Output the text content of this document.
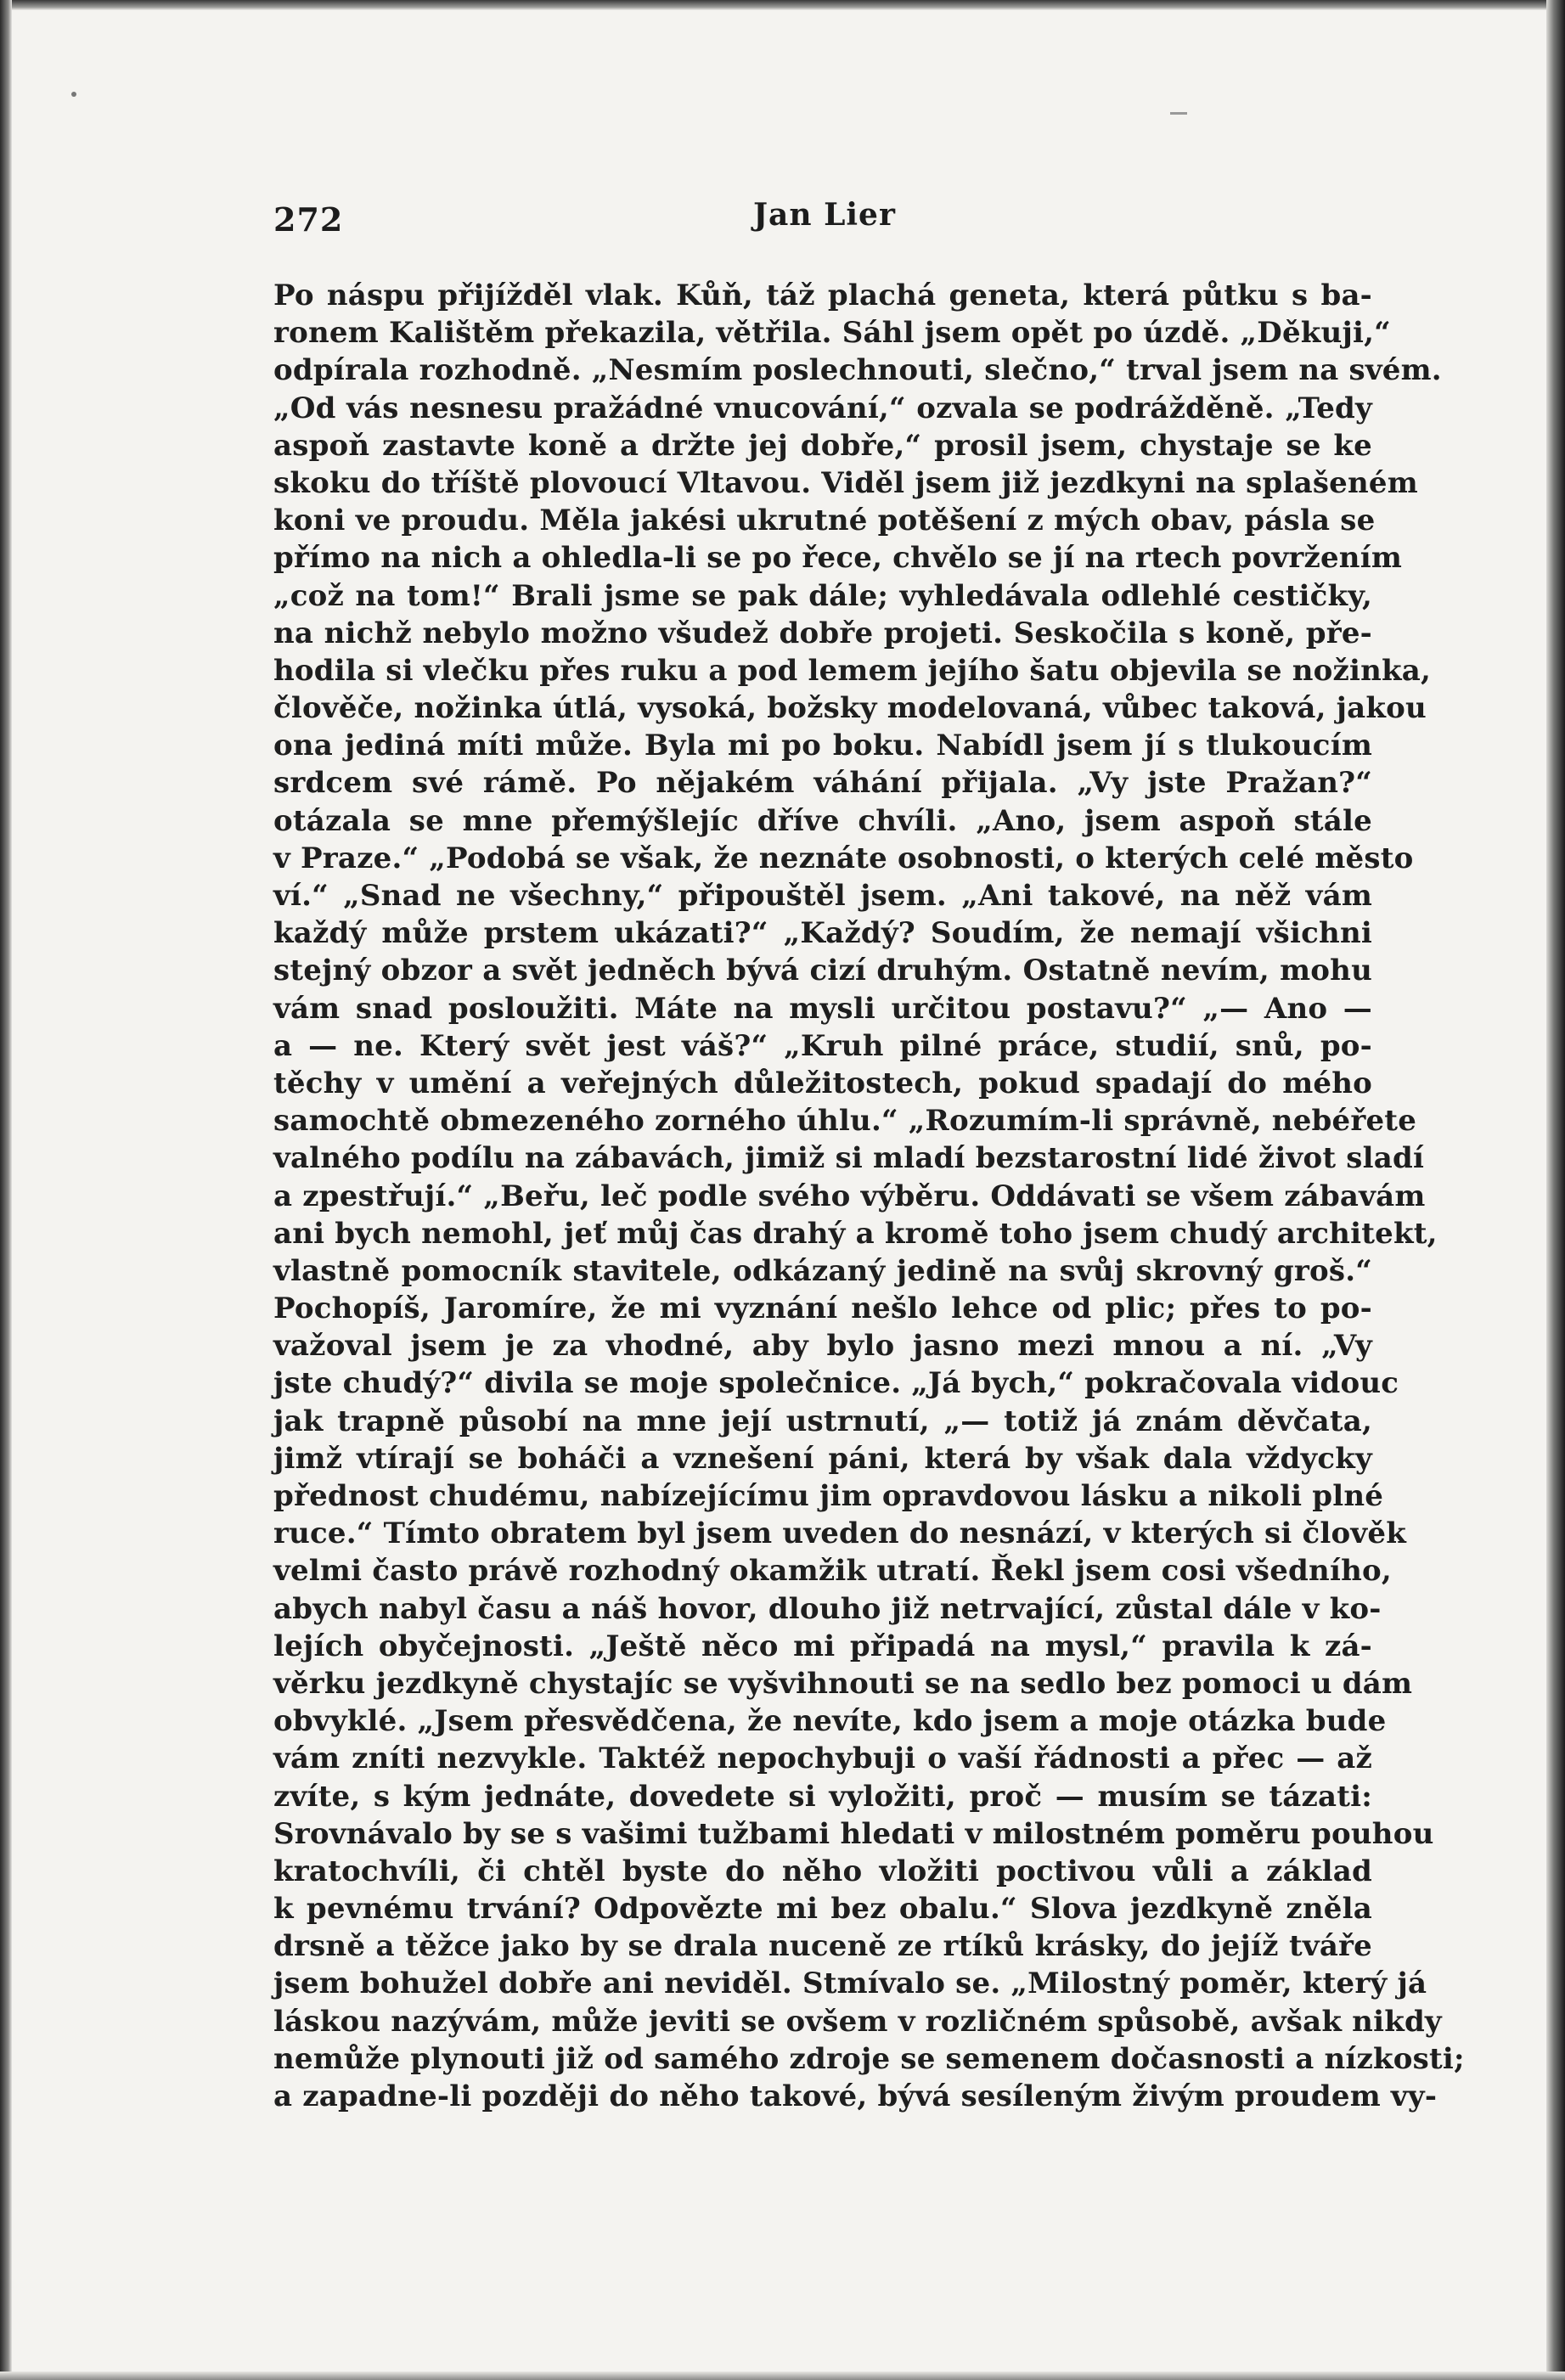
272	Jan Lier
Po náspu přijížděl vlak. Kůň, táž plachá geneta, která půtku s ba-
ronem Kalištěm překazila, větřila. Sáhl jsem opět po úzdě. „Děkuji,“
odpírala rozhodně. „Nesmím poslechnouti, slečno,“ trval jsem na svém.
„Od vás nesnesu pražádné vnucování,“ ozvala se podrážděně. „Tedy
aspoň zastavte koně a držte jej dobře,“ prosil jsem, chystaje se ke
skoku do tříště plovoucí Vltavou. Viděl jsem již jezdkyni na splašeném
koni ve proudu. Měla jakési ukrutné potěšení z mých obav, pásla se
přímo na nich a ohledla-li se po řece, chvělo se jí na rtech povržením
„což na tom!“ Brali jsme se pak dále; vyhledávala odlehlé cestičky,
na nichž nebylo možno všudež dobře projeti. Seskočila s koně, pře-
hodila si vlečku přes ruku a pod lemem jejího šatu objevila se nožinka,
člověče, nožinka útlá, vysoká, božsky modelovaná, vůbec taková, jakou
ona jediná míti může. Byla mi po boku. Nabídl jsem jí s tlukoucím
srdcem své rámě. Po nějakém váhání přijala. „Vy jste Pražan?“
otázala se mne přemýšlejíc dříve chvíli. „Ano, jsem aspoň stále
v Praze.“ „Podobá se však, že neznáte osobnosti, o kterých celé město
ví.“ „Snad ne všechny,“ připouštěl jsem. „Ani takové, na něž vám
každý může prstem ukázati?“ „Každý? Soudím, že nemají všichni
stejný obzor a svět jedněch bývá cizí druhým. Ostatně nevím, mohu
vám snad posloužiti. Máte na mysli určitou postavu?“ „— Ano —
a — ne. Který svět jest váš?“ „Kruh pilné práce, studií, snů, po-
těchy v umění a veřejných důležitostech, pokud spadají do mého
samochtě obmezeného zorného úhlu.“ „Rozumím-li správně, nebéřete
valného podílu na zábavách, jimiž si mladí bezstarostní lidé život sladí
a zpestřují.“ „Beřu, leč podle svého výběru. Oddávati se všem zábavám
ani bych nemohl, jeť můj čas drahý a kromě toho jsem chudý architekt,
vlastně pomocník stavitele, odkázaný jedině na svůj skrovný groš.“
Pochopíš, Jaromíre, že mi vyznání nešlo lehce od plic; přes to po-
važoval jsem je za vhodné, aby bylo jasno mezi mnou a ní. „Vy
jste chudý?“ divila se moje společnice. „Já bych,“ pokračovala vidouc
jak trapně působí na mne její ustrnutí, „— totiž já znám děvčata,
jimž vtírají se boháči a vznešení páni, která by však dala vždycky
přednost chudému, nabízejícímu jim opravdovou lásku a nikoli plné
ruce.“ Tímto obratem byl jsem uveden do nesnází, v kterých si člověk
velmi často právě rozhodný okamžik utratí. Řekl jsem cosi všedního,
abych nabyl času a náš hovor, dlouho již netrvající, zůstal dále v ko-
lejích obyčejnosti. „Ještě něco mi připadá na mysl,“ pravila k zá-
věrku jezdkyně chystajíc se vyšvihnouti se na sedlo bez pomoci u dám
obvyklé. „Jsem přesvědčena, že nevíte, kdo jsem a moje otázka bude
vám zníti nezvykle. Taktéž nepochybuji o vaší řádnosti a přec — až
zvíte, s kým jednáte, dovedete si vyložiti, proč — musím se tázati:
Srovnávalo by se s vašimi tužbami hledati v milostném poměru pouhou
kratochvíli, či chtěl byste do něho vložiti poctivou vůli a základ
k pevnému trvání? Odpovězte mi bez obalu.“ Slova jezdkyně zněla
drsně a těžce jako by se drala nuceně ze rtíků krásky, do jejíž tváře
jsem bohužel dobře ani neviděl. Stmívalo se. „Milostný poměr, který já
láskou nazývám, může jeviti se ovšem v rozličném spůsobě, avšak nikdy
nemůže plynouti již od samého zdroje se semenem dočasnosti a nízkosti;
a zapadne-li později do něho takové, bývá sesíleným živým proudem vy-
